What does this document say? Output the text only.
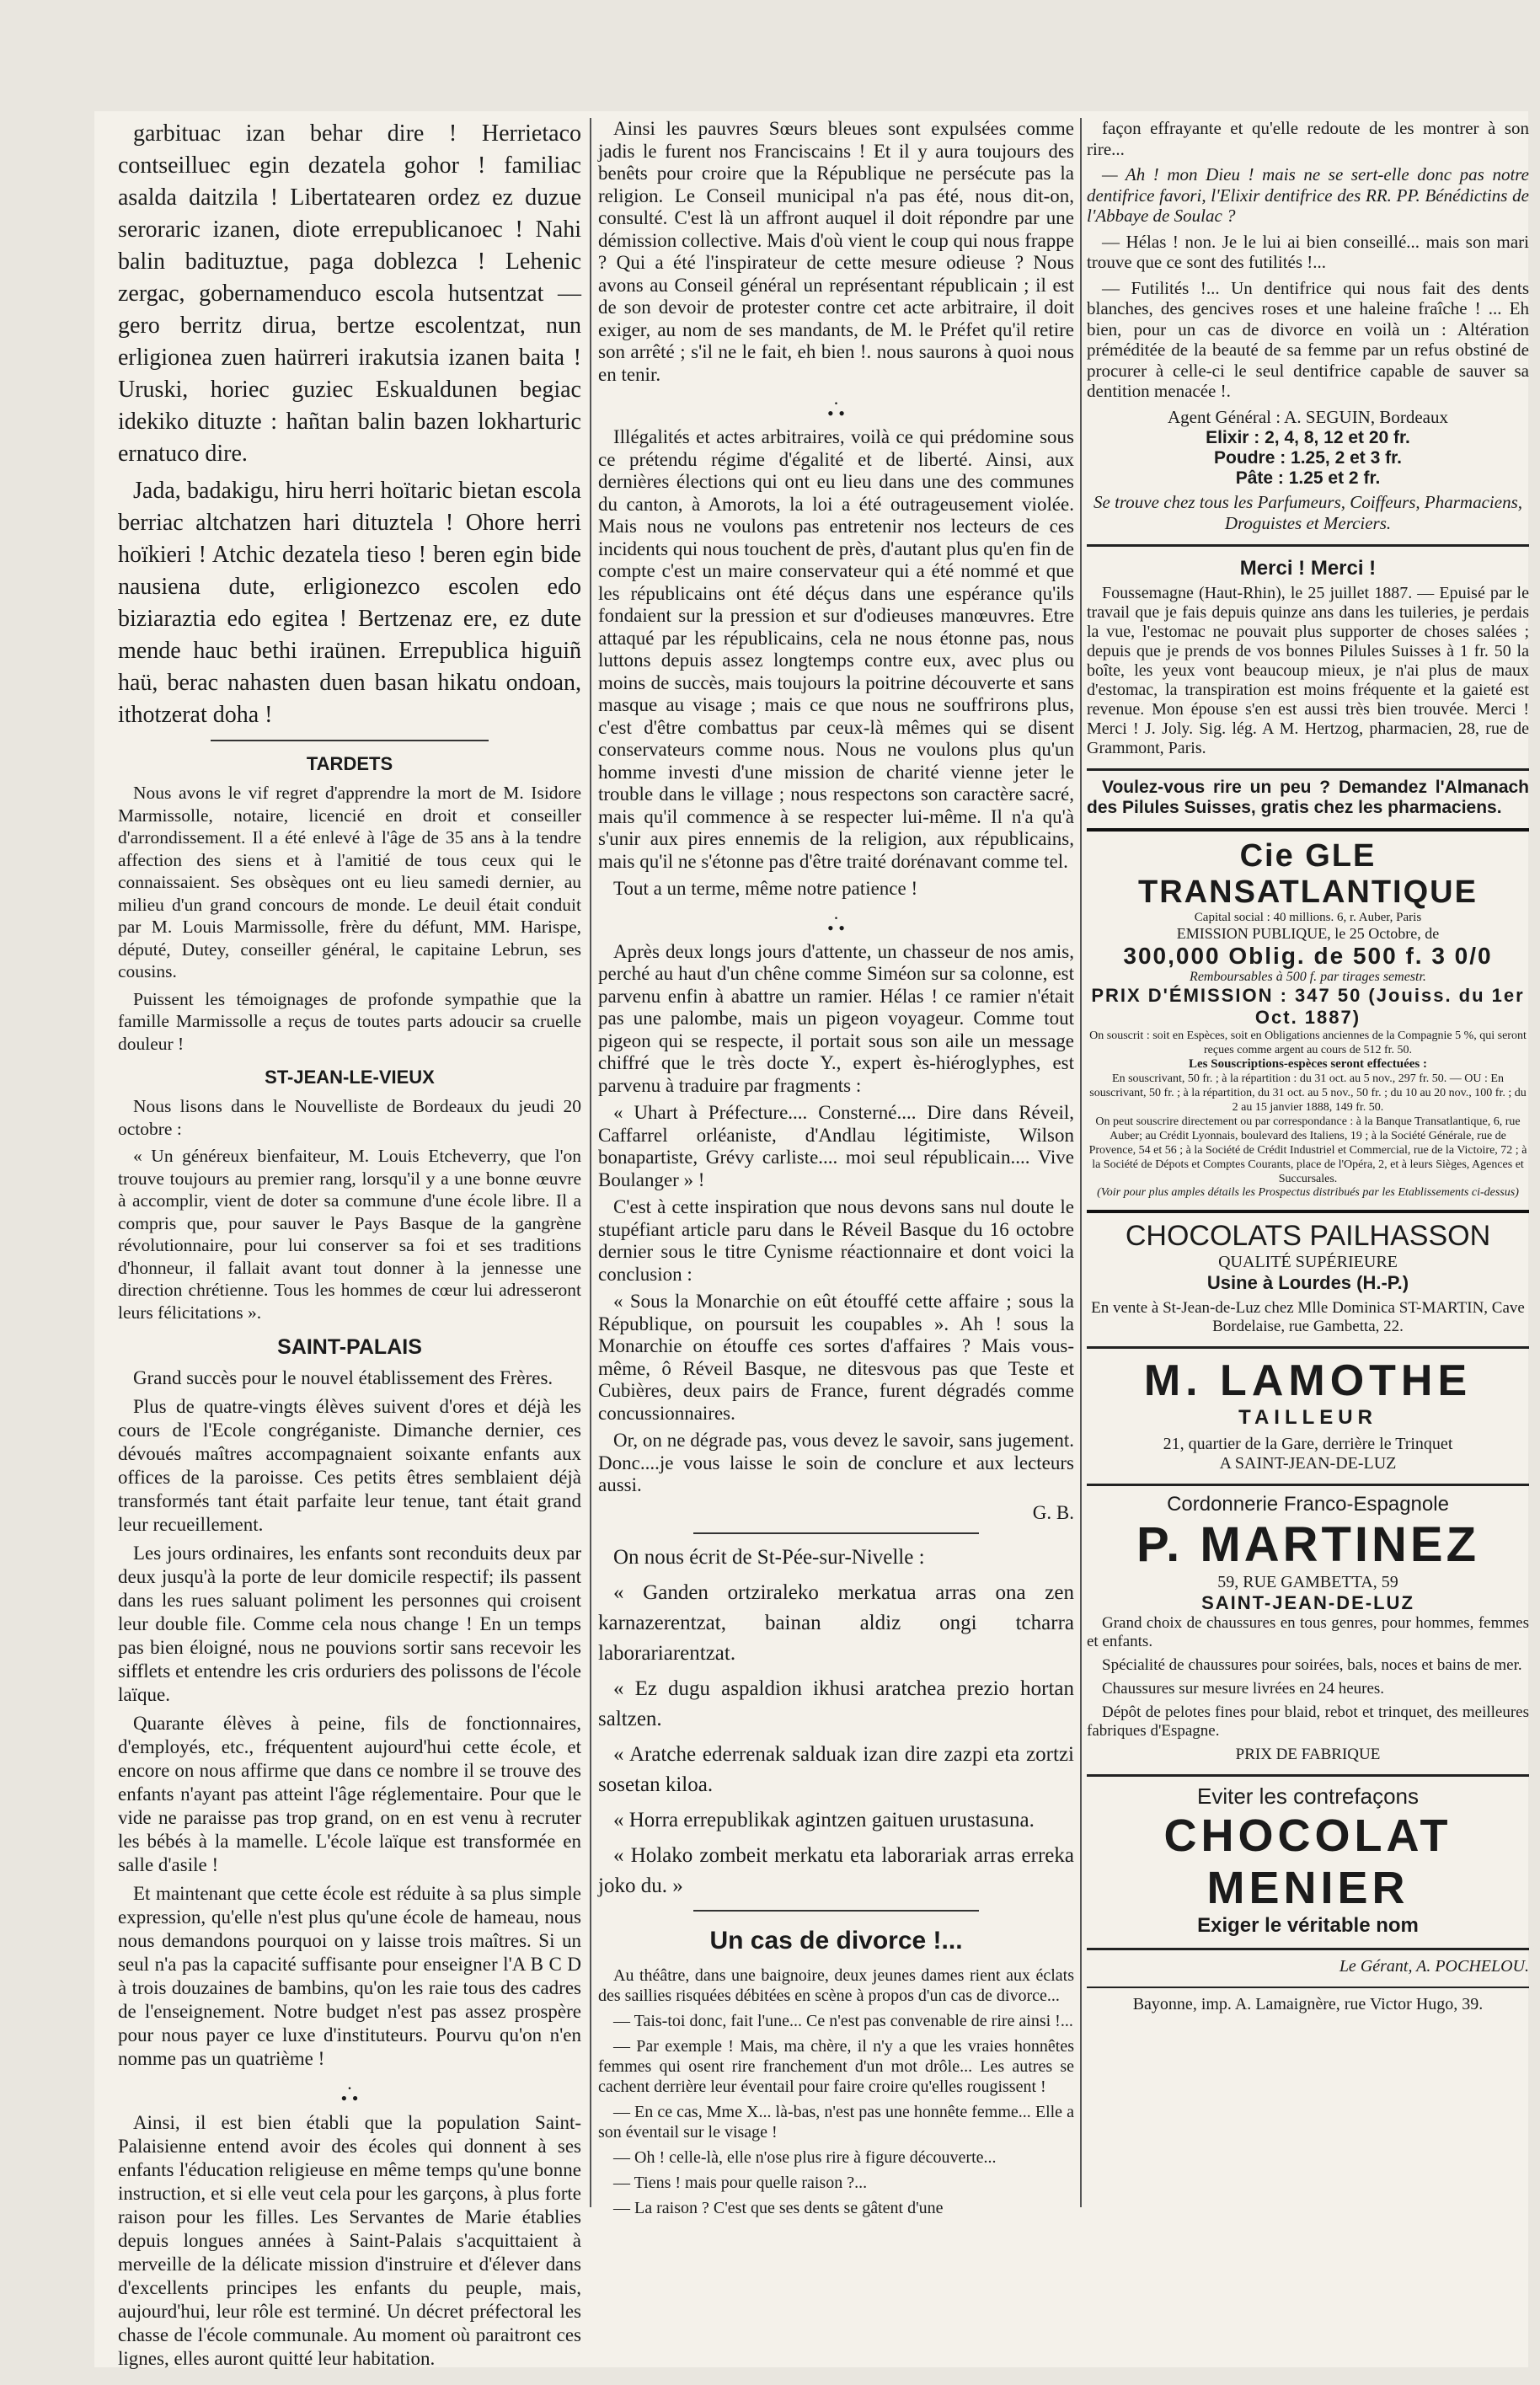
garbituac izan behar dire ! Herrietaco contseilluec egin dezatela gohor ! familiac asalda daitzila ! Libertatearen ordez ez duzue seroraric izanen, diote errepublicanoec ! Nahi balin badituztue, paga doblezca ! Lehenic zergac, gobernamenduco escola hutsentzat — gero berritz dirua, bertze escolentzat, nun erligionea zuen haürreri irakutsia izanen baita ! Uruski, horiec guziec Eskualdunen begiac idekiko dituzte : hañtan balin bazen lokharturic ernatuco dire.

Jada, badakigu, hiru herri hoïtaric bietan escola berriac altchatzen hari dituztela ! Ohore herri hoïkieri ! Atchic dezatela tieso ! beren egin bide nausiena dute, erligionezco escolen edo biziaraztia edo egitea ! Bertzenaz ere, ez dute mende hauc bethi iraünen. Errepublica higuiñ haü, berac nahasten duen basan hikatu ondoan, ithotzerat doha !

TARDETS

Nous avons le vif regret d'apprendre la mort de M. Isidore Marmissolle, notaire, licencié en droit et conseiller d'arrondissement. Il a été enlevé à l'âge de 35 ans à la tendre affection des siens et à l'amitié de tous ceux qui le connaissaient. Ses obsèques ont eu lieu samedi dernier, au milieu d'un grand concours de monde. Le deuil était conduit par M. Louis Marmissolle, frère du défunt, MM. Harispe, député, Dutey, conseiller général, le capitaine Lebrun, ses cousins.

Puissent les témoignages de profonde sympathie que la famille Marmissolle a reçus de toutes parts adoucir sa cruelle douleur !

ST-JEAN-LE-VIEUX

Nous lisons dans le Nouvelliste de Bordeaux du jeudi 20 octobre :

« Un généreux bienfaiteur, M. Louis Etcheverry, que l'on trouve toujours au premier rang, lorsqu'il y a une bonne œuvre à accomplir, vient de doter sa commune d'une école libre. Il a compris que, pour sauver le Pays Basque de la gangrène révolutionnaire, pour lui conserver sa foi et ses traditions d'honneur, il fallait avant tout donner à la jennesse une direction chrétienne. Tous les hommes de cœur lui adresseront leurs félicitations ».

SAINT-PALAIS

Grand succès pour le nouvel établissement des Frères.

Plus de quatre-vingts élèves suivent d'ores et déjà les cours de l'Ecole congréganiste. Dimanche dernier, ces dévoués maîtres accompagnaient soixante enfants aux offices de la paroisse. Ces petits êtres semblaient déjà transformés tant était parfaite leur tenue, tant était grand leur recueillement.

Les jours ordinaires, les enfants sont reconduits deux par deux jusqu'à la porte de leur domicile respectif; ils passent dans les rues saluant poliment les personnes qui croisent leur double file. Comme cela nous change ! En un temps pas bien éloigné, nous ne pouvions sortir sans recevoir les sifflets et entendre les cris orduriers des polissons de l'école laïque.

Quarante élèves à peine, fils de fonctionnaires, d'employés, etc., fréquentent aujourd'hui cette école, et encore on nous affirme que dans ce nombre il se trouve des enfants n'ayant pas atteint l'âge réglementaire. Pour que le vide ne paraisse pas trop grand, on en est venu à recruter les bébés à la mamelle. L'école laïque est transformée en salle d'asile !

Et maintenant que cette école est réduite à sa plus simple expression, qu'elle n'est plus qu'une école de hameau, nous nous demandons pourquoi on y laisse trois maîtres. Si un seul n'a pas la capacité suffisante pour enseigner l'A B C D à trois douzaines de bambins, qu'on les raie tous des cadres de l'enseignement. Notre budget n'est pas assez prospère pour nous payer ce luxe d'instituteurs. Pourvu qu'on n'en nomme pas un quatrième !

.
• •

Ainsi, il est bien établi que la population Saint-Palaisienne entend avoir des écoles qui donnent à ses enfants l'éducation religieuse en même temps qu'une bonne instruction, et si elle veut cela pour les garçons, à plus forte raison pour les filles. Les Servantes de Marie établies depuis longues années à Saint-Palais s'acquittaient à merveille de la délicate mission d'instruire et d'élever dans d'excellents principes les enfants du peuple, mais, aujourd'hui, leur rôle est terminé. Un décret préfectoral les chasse de l'école communale. Au moment où paraitront ces lignes, elles auront quitté leur habitation.

Ainsi les pauvres Sœurs bleues sont expulsées comme jadis le furent nos Franciscains ! Et il y aura toujours des benêts pour croire que la République ne persécute pas la religion. Le Conseil municipal n'a pas été, nous dit-on, consulté. C'est là un affront auquel il doit répondre par une démission collective. Mais d'où vient le coup qui nous frappe ? Qui a été l'inspirateur de cette mesure odieuse ? Nous avons au Conseil général un représentant républicain ; il est de son devoir de protester contre cet acte arbitraire, il doit exiger, au nom de ses mandants, de M. le Préfet qu'il retire son arrêté ; s'il ne le fait, eh bien !. nous saurons à quoi nous en tenir.

.
• •

Illégalités et actes arbitraires, voilà ce qui prédomine sous ce prétendu régime d'égalité et de liberté. Ainsi, aux dernières élections qui ont eu lieu dans une des communes du canton, à Amorots, la loi a été outrageusement violée. Mais nous ne voulons pas entretenir nos lecteurs de ces incidents qui nous touchent de près, d'autant plus qu'en fin de compte c'est un maire conservateur qui a été nommé et que les républicains ont été déçus dans une espérance qu'ils fondaient sur la pression et sur d'odieuses manœuvres. Etre attaqué par les républicains, cela ne nous étonne pas, nous luttons depuis assez longtemps contre eux, avec plus ou moins de succès, mais toujours la poitrine découverte et sans masque au visage ; mais ce que nous ne souffrirons plus, c'est d'être combattus par ceux-là mêmes qui se disent conservateurs comme nous. Nous ne voulons plus qu'un homme investi d'une mission de charité vienne jeter le trouble dans le village ; nous respectons son caractère sacré, mais qu'il commence à se respecter lui-même. Il n'a qu'à s'unir aux pires ennemis de la religion, aux républicains, mais qu'il ne s'étonne pas d'être traité dorénavant comme tel.

Tout a un terme, même notre patience !

.
• •

Après deux longs jours d'attente, un chasseur de nos amis, perché au haut d'un chêne comme Siméon sur sa colonne, est parvenu enfin à abattre un ramier. Hélas ! ce ramier n'était pas une palombe, mais un pigeon voyageur. Comme tout pigeon qui se respecte, il portait sous son aile un message chiffré que le très docte Y., expert ès-hiéroglyphes, est parvenu à traduire par fragments :

« Uhart à Préfecture.... Consterné.... Dire dans Réveil, Caffarrel orléaniste, d'Andlau légitimiste, Wilson bonapartiste, Grévy carliste.... moi seul républicain.... Vive Boulanger » !

C'est à cette inspiration que nous devons sans nul doute le stupéfiant article paru dans le Réveil Basque du 16 octobre dernier sous le titre Cynisme réactionnaire et dont voici la conclusion :

« Sous la Monarchie on eût étouffé cette affaire ; sous la République, on poursuit les coupables ». Ah ! sous la Monarchie on étouffe ces sortes d'affaires ? Mais vous-même, ô Réveil Basque, ne ditesvous pas que Teste et Cubières, deux pairs de France, furent dégradés comme concussionnaires.

Or, on ne dégrade pas, vous devez le savoir, sans jugement. Donc....je vous laisse le soin de conclure et aux lecteurs aussi.

G. B.

On nous écrit de St-Pée-sur-Nivelle :

« Ganden ortziraleko merkatua arras ona zen karnazerentzat, bainan aldiz ongi tcharra laborariarentzat.

« Ez dugu aspaldion ikhusi aratchea prezio hortan saltzen.

« Aratche ederrenak salduak izan dire zazpi eta zortzi sosetan kiloa.

« Horra errepublikak agintzen gaituen urustasuna.

« Holako zombeit merkatu eta laborariak arras erreka joko du. »

Un cas de divorce !...

Au théâtre, dans une baignoire, deux jeunes dames rient aux éclats des saillies risquées débitées en scène à propos d'un cas de divorce...

— Tais-toi donc, fait l'une... Ce n'est pas convenable de rire ainsi !...

— Par exemple ! Mais, ma chère, il n'y a que les vraies honnêtes femmes qui osent rire franchement d'un mot drôle... Les autres se cachent derrière leur éventail pour faire croire qu'elles rougissent !

— En ce cas, Mme X... là-bas, n'est pas une honnête femme... Elle a son éventail sur le visage !

— Oh ! celle-là, elle n'ose plus rire à figure découverte...

— Tiens ! mais pour quelle raison ?...

— La raison ? C'est que ses dents se gâtent d'une

façon effrayante et qu'elle redoute de les montrer à son rire...

— Ah ! mon Dieu ! mais ne se sert-elle donc pas notre dentifrice favori, l'Elixir dentifrice des RR. PP. Bénédictins de l'Abbaye de Soulac ?

— Hélas ! non. Je le lui ai bien conseillé... mais son mari trouve que ce sont des futilités !...

— Futilités !... Un dentifrice qui nous fait des dents blanches, des gencives roses et une haleine fraîche ! ... Eh bien, pour un cas de divorce en voilà un : Altération préméditée de la beauté de sa femme par un refus obstiné de procurer à celle-ci le seul dentifrice capable de sauver sa dentition menacée !.

Agent Général : A. SEGUIN, Bordeaux
Elixir : 2, 4, 8, 12 et 20 fr.
Poudre : 1.25, 2 et 3 fr.
Pâte : 1.25 et 2 fr.
Se trouve chez tous les Parfumeurs, Coiffeurs, Pharmaciens, Droguistes et Merciers.
Merci ! Merci !

Foussemagne (Haut-Rhin), le 25 juillet 1887. — Epuisé par le travail que je fais depuis quinze ans dans les tuileries, je perdais la vue, l'estomac ne pouvait plus supporter de choses salées ; depuis que je prends de vos bonnes Pilules Suisses à 1 fr. 50 la boîte, les yeux vont beaucoup mieux, je n'ai plus de maux d'estomac, la transpiration est moins fréquente et la gaieté est revenue. Mon épouse s'en est aussi très bien trouvée. Merci ! Merci ! J. Joly. Sig. lég. A M. Hertzog, pharmacien, 28, rue de Grammont, Paris.

Voulez-vous rire un peu ? Demandez l'Almanach des Pilules Suisses, gratis chez les pharmaciens.

Cie GLE TRANSATLANTIQUE
Capital social : 40 millions. 6, r. Auber, Paris
EMISSION PUBLIQUE, le 25 Octobre, de
300,000 Oblig. de 500 f. 3 0/0
Remboursables à 500 f. par tirages semestr.
PRIX D'ÉMISSION : 347 50 (Jouiss. du 1er Oct. 1887)
On souscrit : soit en Espèces, soit en Obligations anciennes de la Compagnie 5 %, qui seront reçues comme argent au cours de 512 fr. 50.
Les Souscriptions-espèces seront effectuées :
En souscrivant, 50 fr. ; à la répartition : du 31 oct. au 5 nov., 297 fr. 50. — OU : En souscrivant, 50 fr. ; à la répartition, du 31 oct. au 5 nov., 50 fr. ; du 10 au 20 nov., 100 fr. ; du 2 au 15 janvier 1888, 149 fr. 50.
On peut souscrire directement ou par correspondance : à la Banque Transatlantique, 6, rue Auber; au Crédit Lyonnais, boulevard des Italiens, 19 ; à la Société Générale, rue de Provence, 54 et 56 ; à la Société de Crédit Industriel et Commercial, rue de la Victoire, 72 ; à la Société de Dépots et Comptes Courants, place de l'Opéra, 2, et à leurs Sièges, Agences et Succursales.
(Voir pour plus amples détails les Prospectus distribués par les Etablissements ci-dessus)
CHOCOLATS PAILHASSON
QUALITÉ SUPÉRIEURE
Usine à Lourdes (H.-P.)
En vente à St-Jean-de-Luz chez Mlle Dominica ST-MARTIN, Cave Bordelaise, rue Gambetta, 22.
M. LAMOTHE
TAILLEUR
21, quartier de la Gare, derrière le Trinquet
A SAINT-JEAN-DE-LUZ
Cordonnerie Franco-Espagnole
P. MARTINEZ
59, RUE GAMBETTA, 59
SAINT-JEAN-DE-LUZ

Grand choix de chaussures en tous genres, pour hommes, femmes et enfants.

Spécialité de chaussures pour soirées, bals, noces et bains de mer.

Chaussures sur mesure livrées en 24 heures.

Dépôt de pelotes fines pour blaid, rebot et trinquet, des meilleures fabriques d'Espagne.

PRIX DE FABRIQUE
Eviter les contrefaçons
CHOCOLAT
MENIER
Exiger le véritable nom
Le Gérant, A. POCHELOU.
Bayonne, imp. A. Lamaignère, rue Victor Hugo, 39.
